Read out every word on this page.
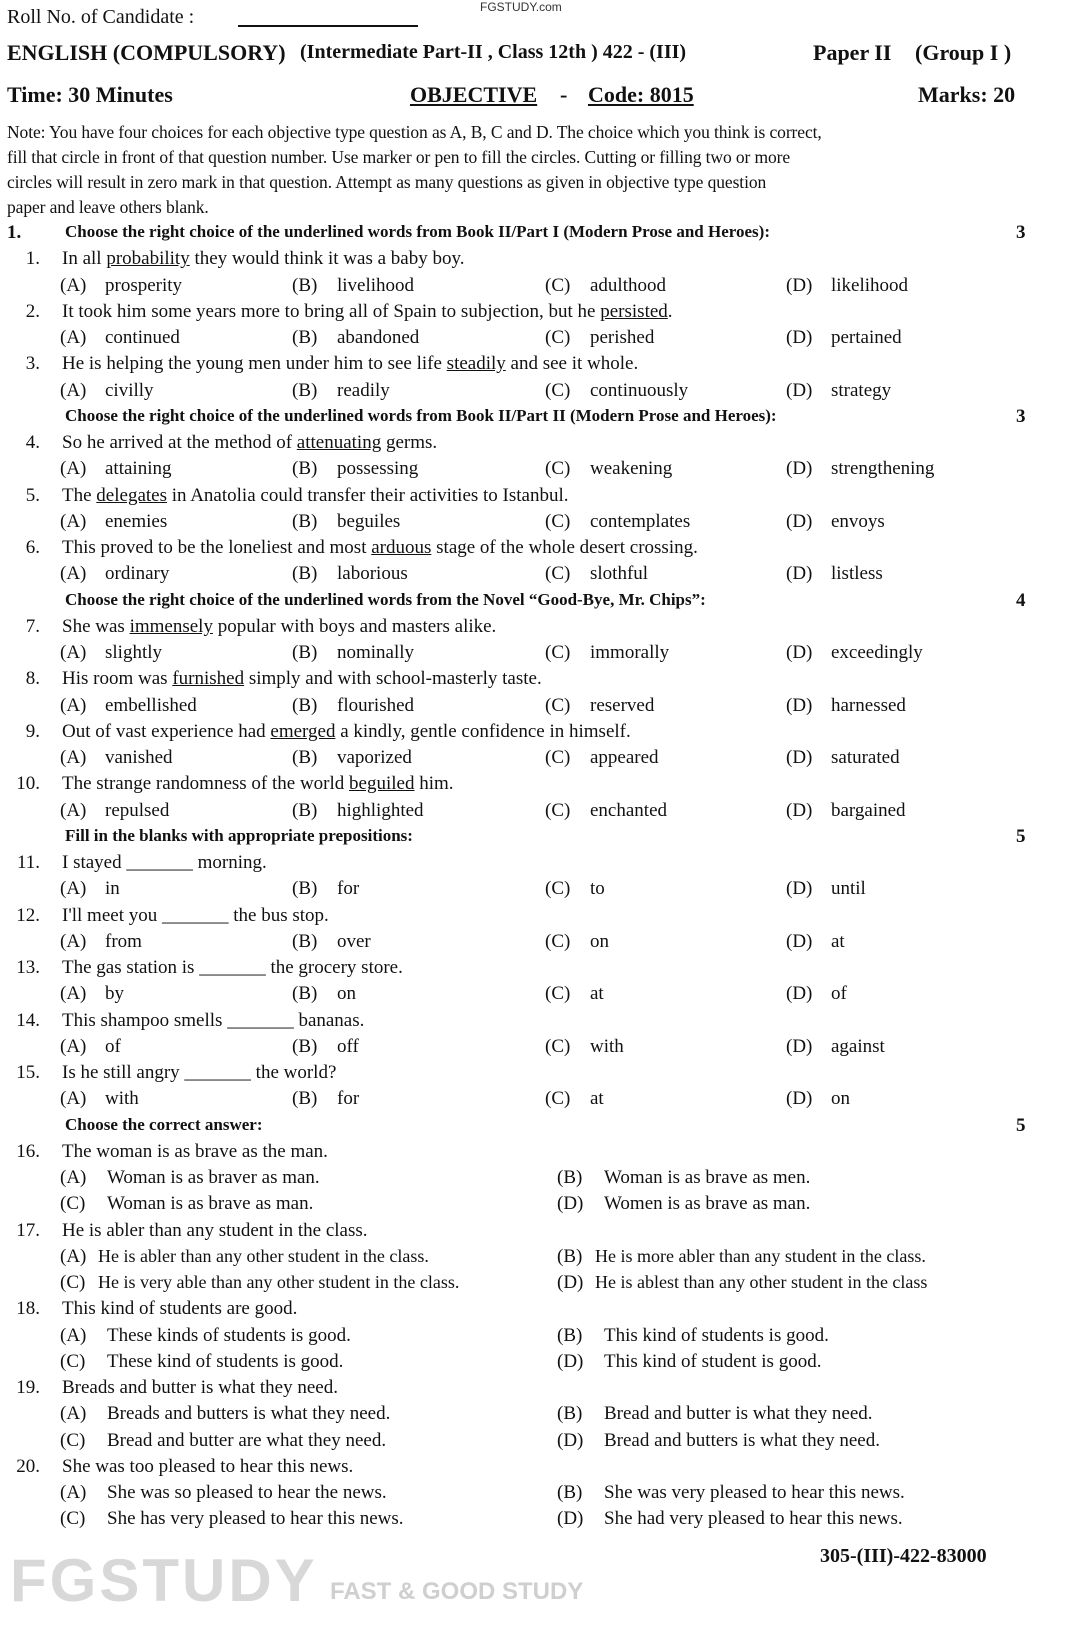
FGSTUDY FAST & GOOD STUDY
FGSTUDY.com
Roll No. of Candidate :
ENGLISH (COMPULSORY) (Intermediate Part-II , Class 12th ) 422 - (III)	Paper II (Group I )
Time: 30 Minutes	OBJECTIVE - Code: 8015	Marks: 20
305-(III)-422-83000
Note: You have four choices for each objective type question as A, B, C and D. The choice which you think is correct,
fill that circle in front of that question number. Use marker or pen to fill the circles. Cutting or filling two or more
circles will result in zero mark in that question. Attempt as many questions as given in objective type question
paper and leave others blank.
1.	Choose the right choice of the underlined words from Book II/Part I (Modern Prose and Heroes):	3
1. In all probability they would think it was a baby boy.
(A) prosperity	(B) livelihood	(C) adulthood	(D) likelihood
2. It took him some years more to bring all of Spain to subjection, but he persisted.
(A) continued	(B) abandoned	(C) perished	(D) pertained
3. He is helping the young men under him to see life steadily and see it whole.
(A) civilly	(B) readily	(C) continuously	(D) strategy
Choose the right choice of the underlined words from Book II/Part II (Modern Prose and Heroes):	3
4. So he arrived at the method of attenuating germs.
(A) attaining	(B) possessing	(C) weakening	(D) strengthening
5. The delegates in Anatolia could transfer their activities to Istanbul.
(A) enemies	(B) beguiles	(C) contemplates	(D) envoys
6. This proved to be the loneliest and most arduous stage of the whole desert crossing.
(A) ordinary	(B) laborious	(C) slothful	(D) listless
Choose the right choice of the underlined words from the Novel “Good-Bye, Mr. Chips”:	4
7. She was immensely popular with boys and masters alike.
(A) slightly	(B) nominally	(C) immorally	(D) exceedingly
8. His room was furnished simply and with school-masterly taste.
(A) embellished	(B) flourished	(C) reserved	(D) harnessed
9. Out of vast experience had emerged a kindly, gentle confidence in himself.
(A) vanished	(B) vaporized	(C) appeared	(D) saturated
10. The strange randomness of the world beguiled him.
(A) repulsed	(B) highlighted	(C) enchanted	(D) bargained
Fill in the blanks with appropriate prepositions:	5
11. I stayed _______ morning.
(A) in	(B) for	(C) to	(D) until
12. I'll meet you _______ the bus stop.
(A) from	(B) over	(C) on	(D) at
13. The gas station is _______ the grocery store.
(A) by	(B) on	(C) at	(D) of
14. This shampoo smells _______ bananas.
(A) of	(B) off	(C) with	(D) against
15. Is he still angry _______ the world?
(A) with	(B) for	(C) at	(D) on
Choose the correct answer:	5
16. The woman is as brave as the man.
(A) Woman is as braver as man.	(B) Woman is as brave as men.
(C) Woman is as brave as man.	(D) Women is as brave as man.
17. He is abler than any student in the class.
(A) He is abler than any other student in the class.	(B) He is more abler than any student in the class.
(C) He is very able than any other student in the class.	(D) He is ablest than any other student in the class
18. This kind of students are good.
(A) These kinds of students is good.	(B) This kind of students is good.
(C) These kind of students is good.	(D) This kind of student is good.
19. Breads and butter is what they need.
(A) Breads and butters is what they need.	(B) Bread and butter is what they need.
(C) Bread and butter are what they need.	(D) Bread and butters is what they need.
20. She was too pleased to hear this news.
(A) She was so pleased to hear the news.	(B) She was very pleased to hear this news.
(C) She has very pleased to hear this news.	(D) She had very pleased to hear this news.
